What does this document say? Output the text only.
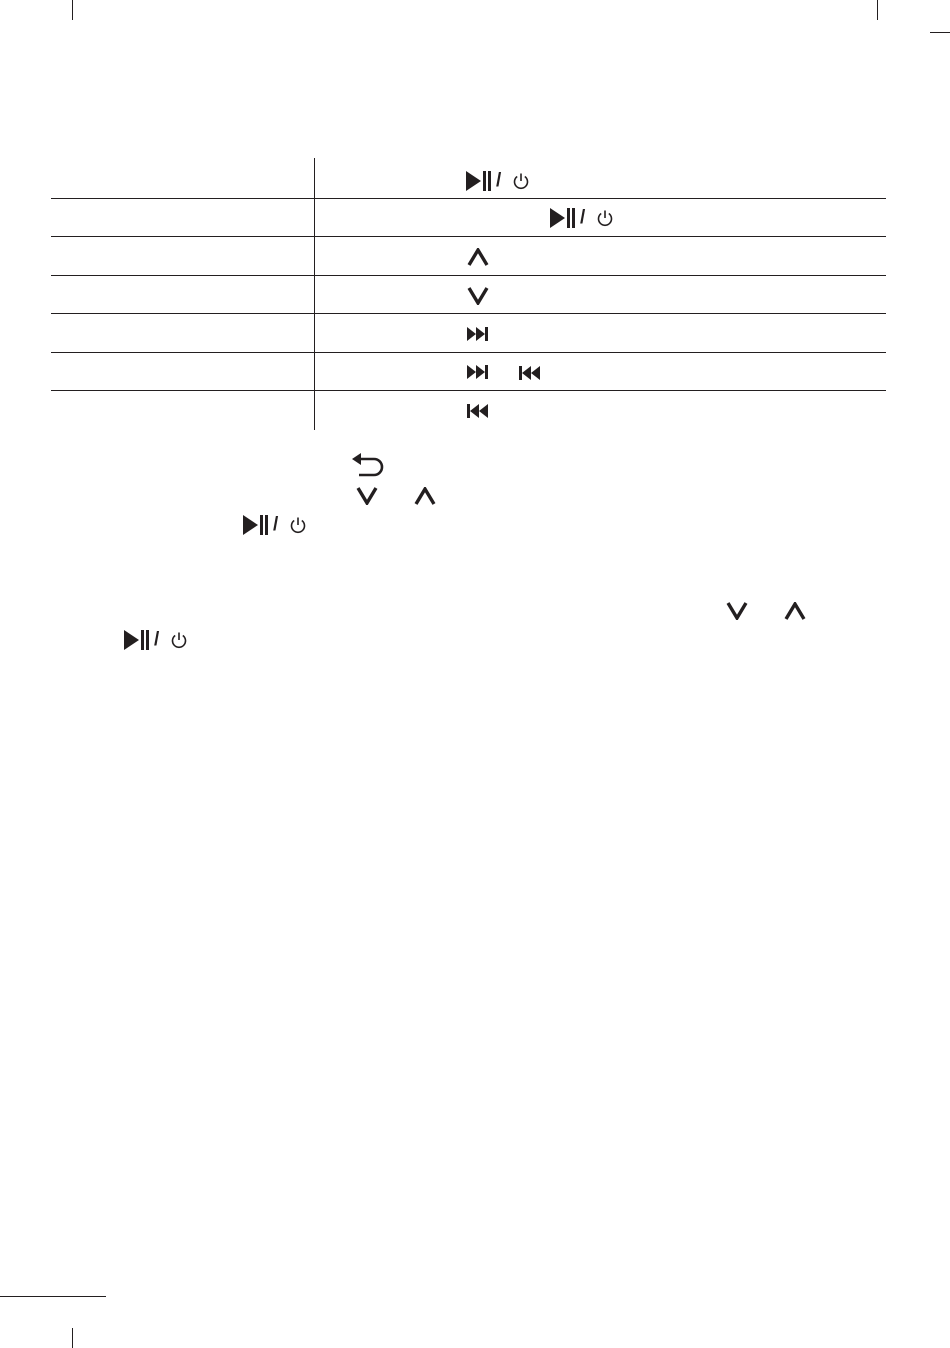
/
/
/
/
